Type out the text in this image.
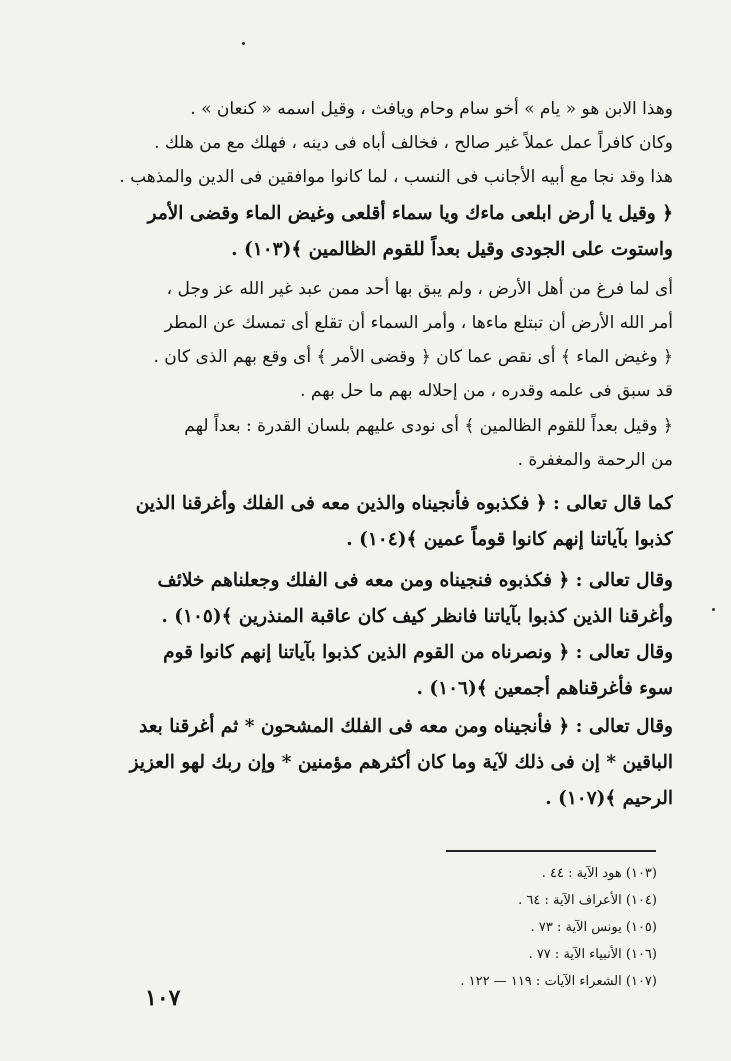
وهذا الابن هو « يام » أخو سام وحام ويافث ، وقيل اسمه « كنعان » .
وكان كافراً عمل عملاً غير صالح ، فخالف أباه فى دينه ، فهلك مع من هلك .
هذا وقد نجا مع أبيه الأجانب فى النسب ، لما كانوا موافقين فى الدين والمذهب .
﴿ وقيل يا أرض ابلعى ماءك ويا سماء أقلعى وغيض الماء وقضى الأمر
واستوت على الجودى وقيل بعداً للقوم الظالمين ﴾(١٠٣) .
أى لما فرغ من أهل الأرض ، ولم يبق بها أحد ممن عبد غير الله عز وجل ،
أمر الله الأرض أن تبتلع ماءها ، وأمر السماء أن تقلع أى تمسك عن المطر
﴿ وغيض الماء ﴾ أى نقص عما كان ﴿ وقضى الأمر ﴾ أى وقع بهم الذى كان .
قد سبق فى علمه وقدره ، من إحلاله بهم ما حل بهم .
﴿ وقيل بعداً للقوم الظالمين ﴾ أى نودى عليهم بلسان القدرة : بعداً لهم
من الرحمة والمغفرة .
كما قال تعالى : ﴿ فكذبوه فأنجيناه والذين معه فى الفلك وأغرقنا الذين
كذبوا بآياتنا إنهم كانوا قوماً عمين ﴾(١٠٤) .
وقال تعالى : ﴿ فكذبوه فنجيناه ومن معه فى الفلك وجعلناهم خلائف
وأغرقنا الذين كذبوا بآياتنا فانظر كيف كان عاقبة المنذرين ﴾(١٠٥) .
وقال تعالى : ﴿ ونصرناه من القوم الذين كذبوا بآياتنا إنهم كانوا قوم
سوء فأغرقناهم أجمعين ﴾(١٠٦) .
وقال تعالى : ﴿ فأنجيناه ومن معه فى الفلك المشحون * ثم أغرقنا بعد
الباقين * إن فى ذلك لآية وما كان أكثرهم مؤمنين * وإن ربك لهو العزيز
الرحيم ﴾(١٠٧) .
(١٠٣) هود الآية : ٤٤ .
(١٠٤) الأعراف الآية : ٦٤ .
(١٠٥) يونس الآية : ٧٣ .
(١٠٦) الأنبياء الآية : ٧٧ .
(١٠٧) الشعراء الآيات : ١١٩ — ١٢٢ .
١٠٧
